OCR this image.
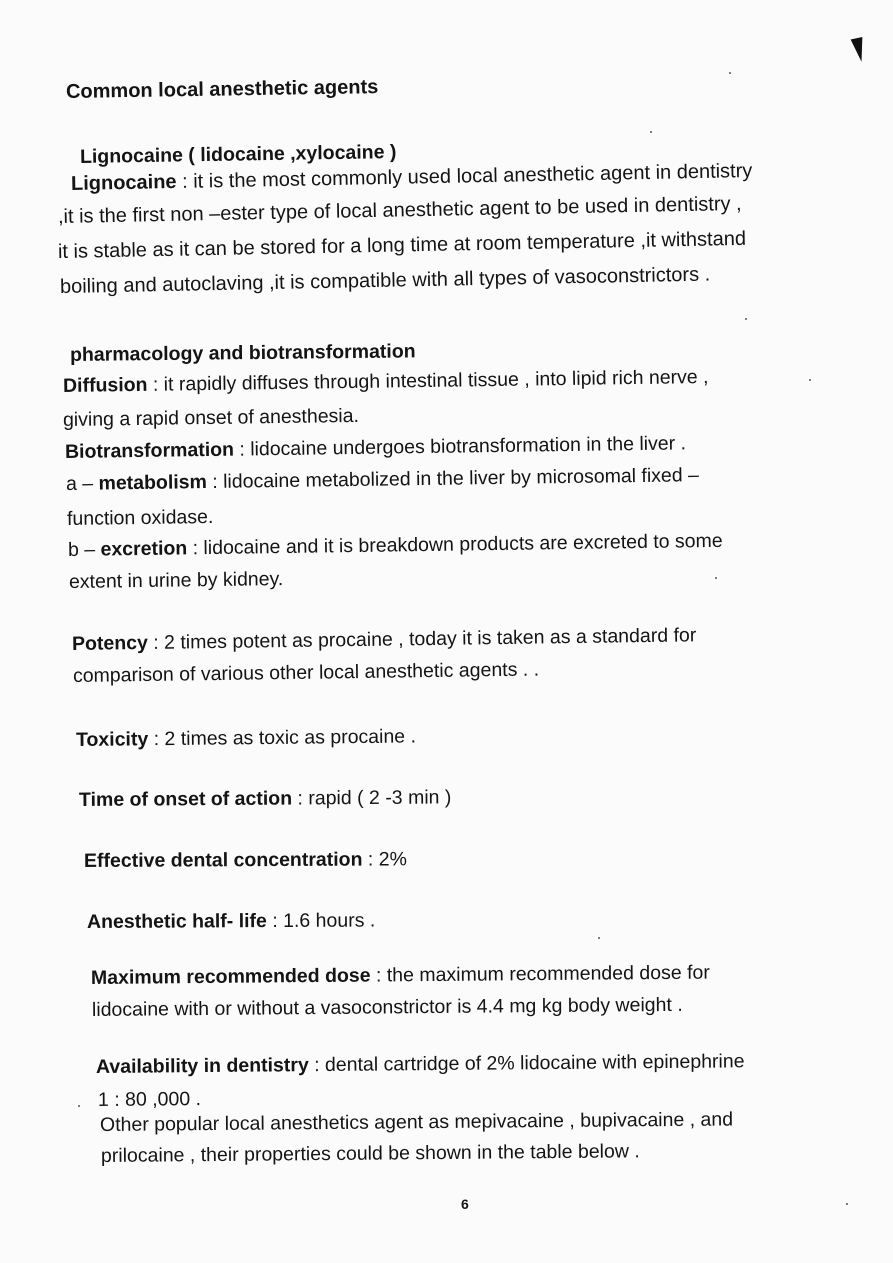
Common local anesthetic agents
Lignocaine ( lidocaine ,xylocaine )
Lignocaine : it is the most commonly used local anesthetic agent in dentistry
,it is the first non –ester type of local anesthetic agent to be used in dentistry ,
it is stable as it can be stored for a long time at room temperature ,it withstand
boiling and autoclaving ,it is compatible with all types of vasoconstrictors .
pharmacology and biotransformation
Diffusion : it rapidly diffuses through intestinal tissue , into lipid rich nerve ,
giving a rapid onset of anesthesia.
Biotransformation : lidocaine undergoes biotransformation in the liver .
a – metabolism : lidocaine metabolized in the liver by microsomal fixed –
function oxidase.
b – excretion : lidocaine and it is breakdown products are excreted to some
extent in urine by kidney.
Potency : 2 times potent as procaine , today it is taken as a standard for
comparison of various other local anesthetic agents . .
Toxicity : 2 times as toxic as procaine .
Time of onset of action : rapid ( 2 -3 min )
Effective dental concentration : 2%
Anesthetic half- life : 1.6 hours .
Maximum recommended dose : the maximum recommended dose for
lidocaine with or without a vasoconstrictor is 4.4 mg kg body weight .
Availability in dentistry : dental cartridge of 2% lidocaine with epinephrine
1 : 80 ,000 .
Other popular local anesthetics agent as mepivacaine , bupivacaine , and
prilocaine , their properties could be shown in the table below .
6
